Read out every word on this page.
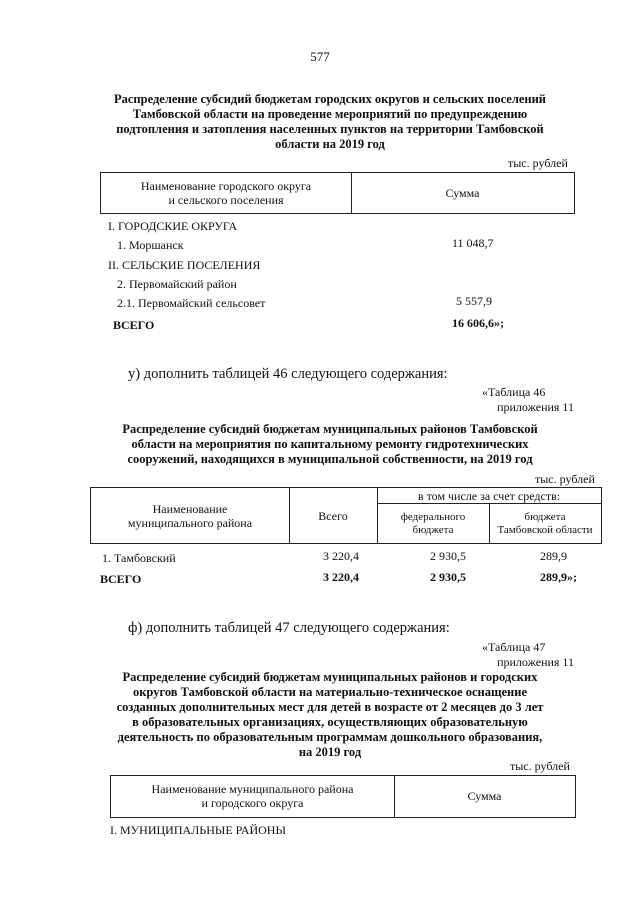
577
Распределение субсидий бюджетам городских округов и сельских поселений
Тамбовской области на проведение мероприятий по предупреждению
подтопления и затопления населенных пунктов на территории Тамбовской
области на 2019 год
тыс. рублей
Наименование городского округа
и сельского поселения	Сумма
I. ГОРОДСКИЕ ОКРУГА
1. Моршанск	11 048,7
II. СЕЛЬСКИЕ ПОСЕЛЕНИЯ
2. Первомайский район
2.1. Первомайский сельсовет	5 557,9
ВСЕГО	16 606,6»;
у) дополнить таблицей 46 следующего содержания:
«Таблица 46
приложения 11
Распределение субсидий бюджетам муниципальных районов Тамбовской
области на мероприятия по капитальному ремонту гидротехнических
сооружений, находящихся в муниципальной собственности, на 2019 год
тыс. рублей
Наименование
муниципального района	Всего
в том числе за счет средств:
федерального
бюджета
бюджета
Тамбовской области
1. Тамбовский	3 220,4	2 930,5	289,9
ВСЕГО	3 220,4	2 930,5	289,9»;
ф) дополнить таблицей 47 следующего содержания:
«Таблица 47
приложения 11
Распределение субсидий бюджетам муниципальных районов и городских
округов Тамбовской области на материально-техническое оснащение
созданных дополнительных мест для детей в возрасте от 2 месяцев до 3 лет
в образовательных организациях, осуществляющих образовательную
деятельность по образовательным программам дошкольного образования,
на 2019 год
тыс. рублей
Наименование муниципального района
и городского округа	Сумма
I. МУНИЦИПАЛЬНЫЕ РАЙОНЫ
